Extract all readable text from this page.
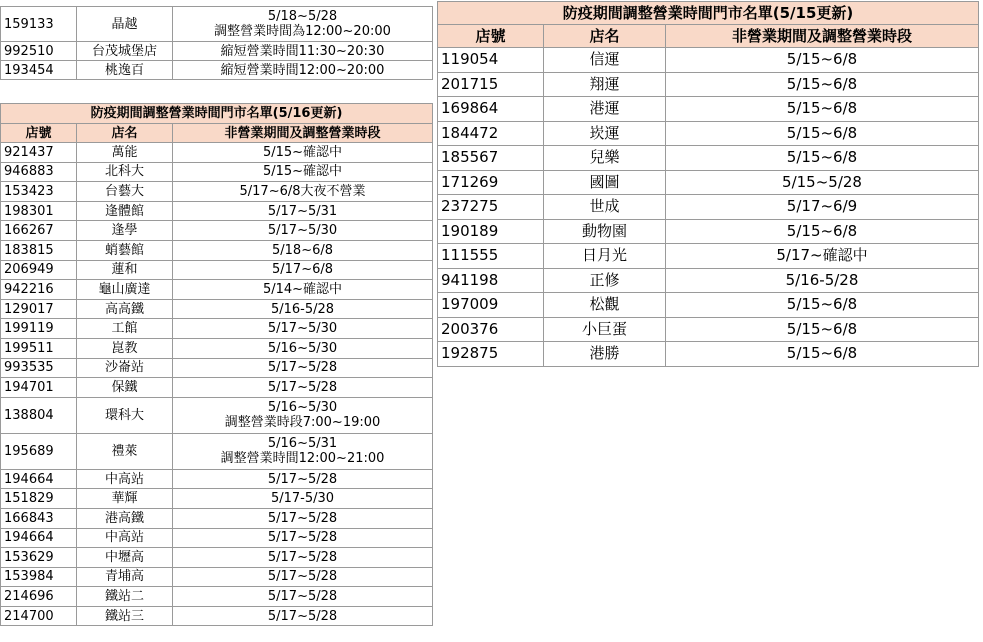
159133	晶越	5/18~5/28
調整營業時間為12:00~20:00
992510	台茂城堡店	縮短營業時間11:30~20:30
193454	桃逸百	縮短營業時間12:00~20:00
防疫期間調整營業時間門市名單(5/16更新)		
店號	店名	非營業期間及調整營業時段
921437	萬能	5/15~確認中
946883	北科大	5/15~確認中
153423	台藝大	5/17~6/8大夜不營業
198301	逢體館	5/17~5/31
166267	逢學	5/17~5/30
183815	蛸藝館	5/18~6/8
206949	蓮和	5/17~6/8
942216	龜山廣達	5/14~確認中
129017	高高鐵	5/16-5/28
199119	工館	5/17~5/30
199511	崑教	5/16~5/30
993535	沙崙站	5/17~5/28
194701	保鐵	5/17~5/28
138804	環科大	5/16~5/30
調整營業時段7:00~19:00
195689	禮萊	5/16~5/31
調整營業時間12:00~21:00
194664	中高站	5/17~5/28
151829	華輝	5/17-5/30
166843	港高鐵	5/17~5/28
194664	中高站	5/17~5/28
153629	中壢高	5/17~5/28
153984	青埔高	5/17~5/28
214696	鐵站二	5/17~5/28
214700	鐵站三	5/17~5/28
防疫期間調整營業時間門市名單(5/15更新)		
店號	店名	非營業期間及調整營業時段
119054	信運	5/15~6/8
201715	翔運	5/15~6/8
169864	港運	5/15~6/8
184472	崁運	5/15~6/8
185567	兒樂	5/15~6/8
171269	國圖	5/15~5/28
237275	世成	5/17~6/9
190189	動物園	5/15~6/8
111555	日月光	5/17~確認中
941198	正修	5/16-5/28
197009	松觀	5/15~6/8
200376	小巨蛋	5/15~6/8
192875	港勝	5/15~6/8
